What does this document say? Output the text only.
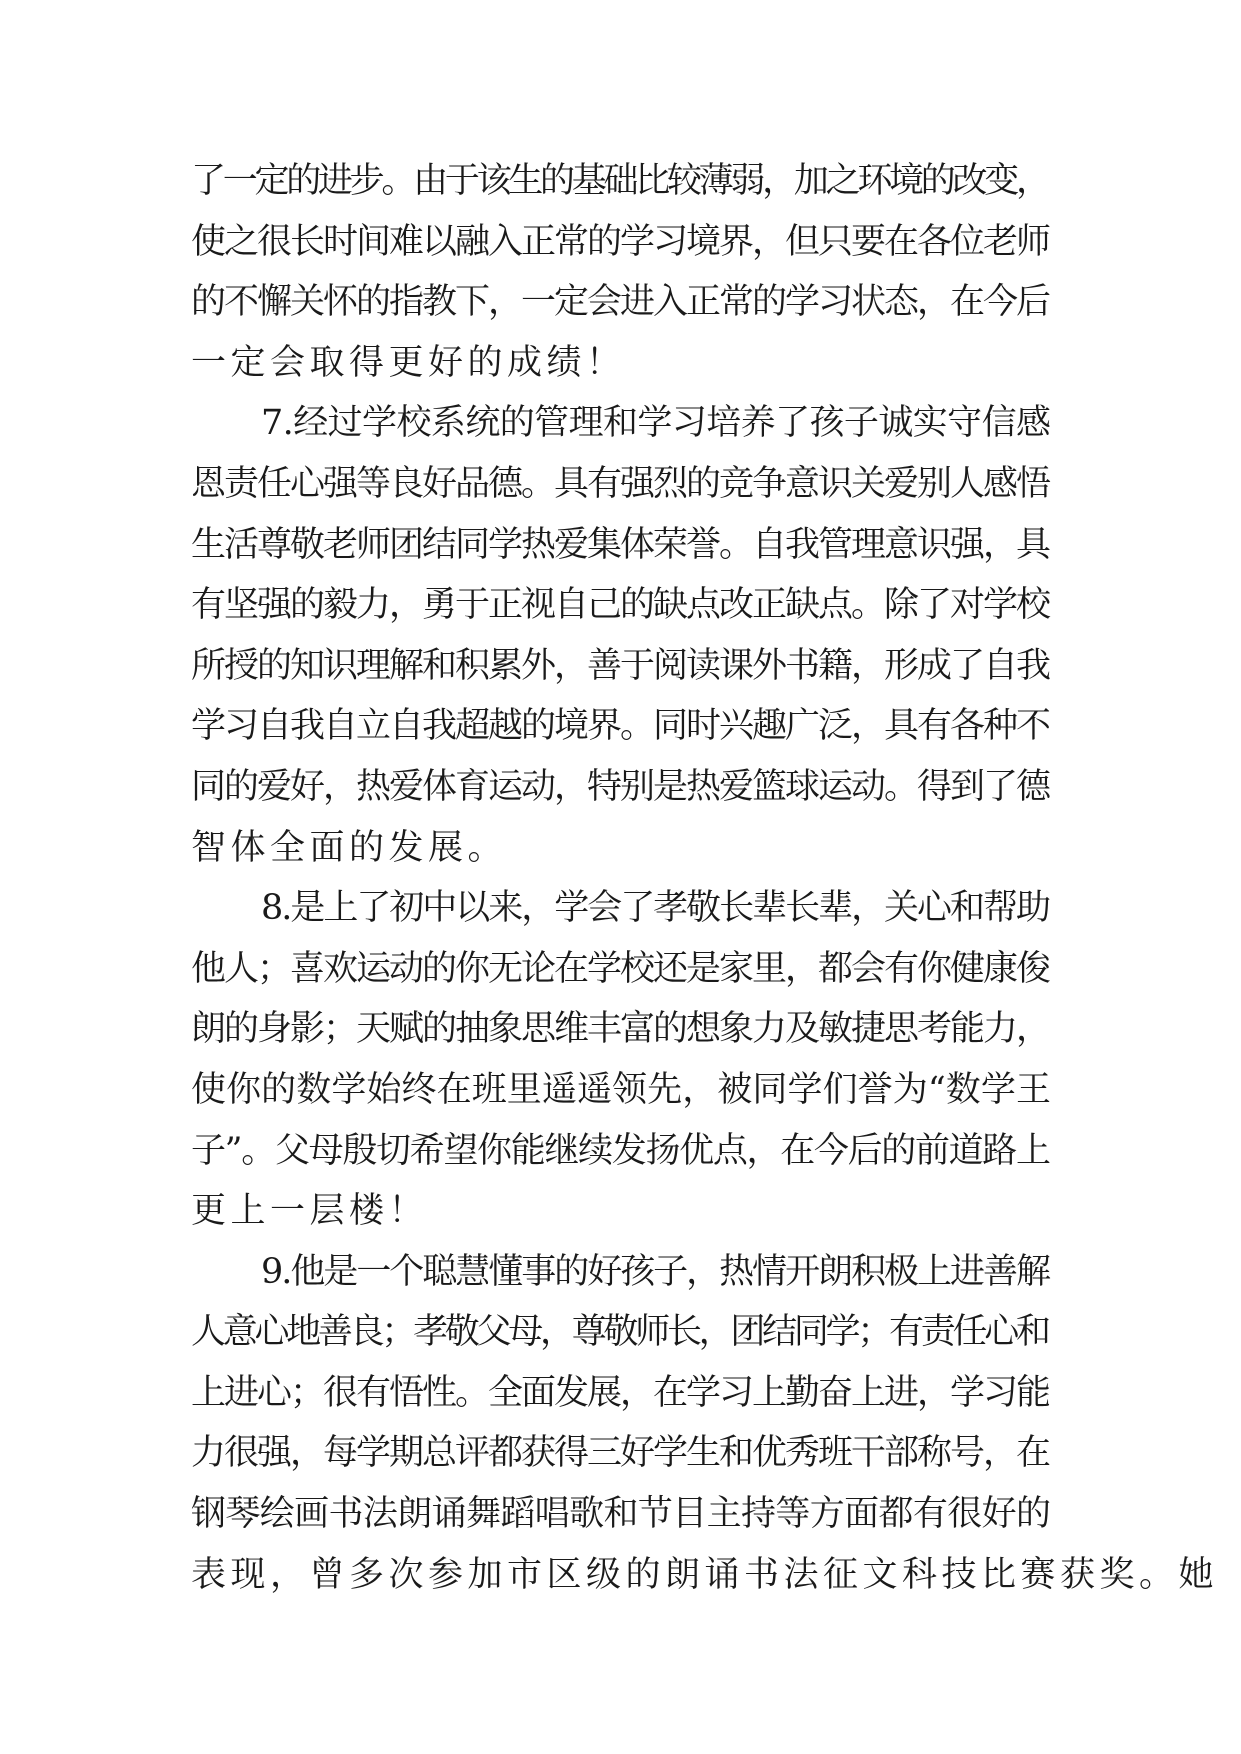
了一定的进步。由于该生的基础比较薄弱，加之环境的改变，
使之很长时间难以融入正常的学习境界，但只要在各位老师
的不懈关怀的指教下，一定会进入正常的学习状态，在今后
一定会取得更好的成绩！
7.经过学校系统的管理和学习培养了孩子诚实守信感
恩责任心强等良好品德。具有强烈的竞争意识关爱别人感悟
生活尊敬老师团结同学热爱集体荣誉。自我管理意识强，具
有坚强的毅力，勇于正视自己的缺点改正缺点。除了对学校
所授的知识理解和积累外，善于阅读课外书籍，形成了自我
学习自我自立自我超越的境界。同时兴趣广泛，具有各种不
同的爱好，热爱体育运动，特别是热爱篮球运动。得到了德
智体全面的发展。
8.是上了初中以来，学会了孝敬长辈长辈，关心和帮助
他人；喜欢运动的你无论在学校还是家里，都会有你健康俊
朗的身影；天赋的抽象思维丰富的想象力及敏捷思考能力，
使你的数学始终在班里遥遥领先，被同学们誉为“数学王
子”。父母殷切希望你能继续发扬优点，在今后的前道路上
更上一层楼！
9.他是一个聪慧懂事的好孩子，热情开朗积极上进善解
人意心地善良；孝敬父母，尊敬师长，团结同学；有责任心和
上进心；很有悟性。全面发展，在学习上勤奋上进，学习能
力很强，每学期总评都获得三好学生和优秀班干部称号，在
钢琴绘画书法朗诵舞蹈唱歌和节目主持等方面都有很好的
表现，曾多次参加市区级的朗诵书法征文科技比赛获奖。她
